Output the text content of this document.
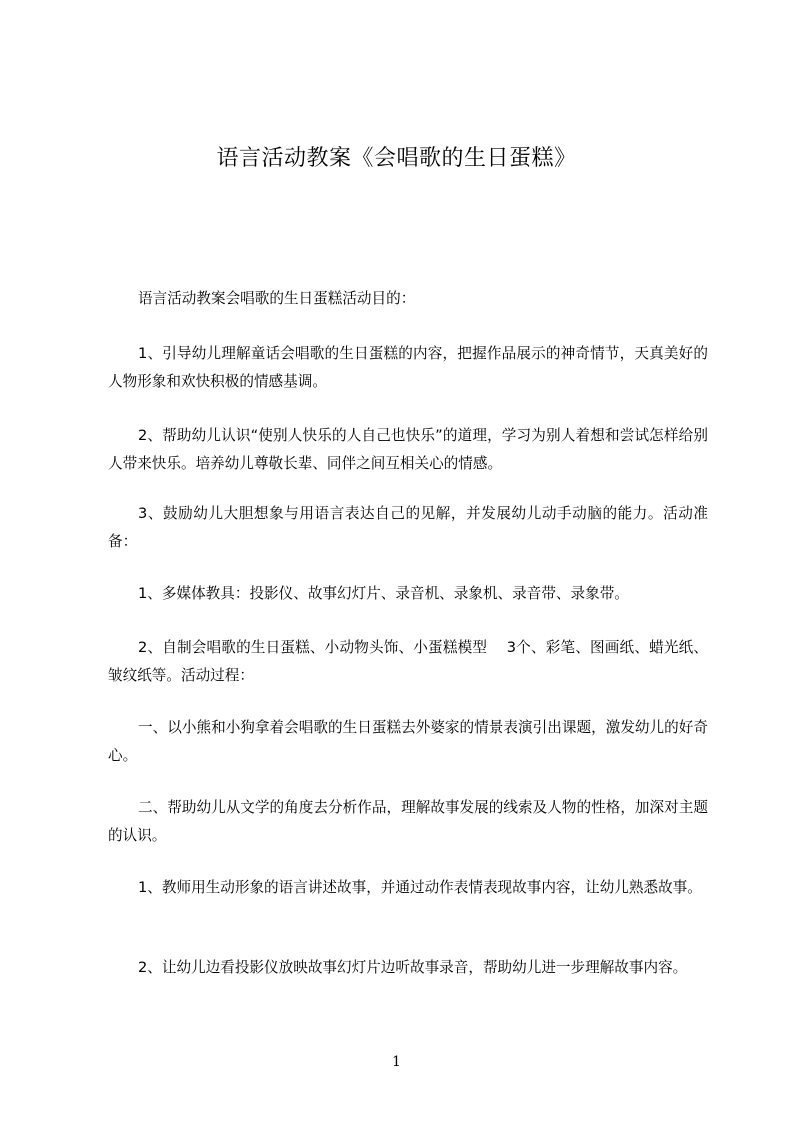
语言活动教案《会唱歌的生日蛋糕》

语言活动教案会唱歌的生日蛋糕活动目的：

1、引导幼儿理解童话会唱歌的生日蛋糕的内容，把握作品展示的神奇情节，天真美好的人物形象和欢快积极的情感基调。

2、帮助幼儿认识“使别人快乐的人自己也快乐”的道理，学习为别人着想和尝试怎样给别人带来快乐。培养幼儿尊敬长辈、同伴之间互相关心的情感。

3、鼓励幼儿大胆想象与用语言表达自己的见解，并发展幼儿动手动脑的能力。活动准备：

1、多媒体教具：投影仪、故事幻灯片、录音机、录象机、录音带、录象带。

2、自制会唱歌的生日蛋糕、小动物头饰、小蛋糕模型　 3个、彩笔、图画纸、蜡光纸、皱纹纸等。活动过程：

一、以小熊和小狗拿着会唱歌的生日蛋糕去外婆家的情景表演引出课题，激发幼儿的好奇心。

二、帮助幼儿从文学的角度去分析作品，理解故事发展的线索及人物的性格，加深对主题的认识。

1、教师用生动形象的语言讲述故事，并通过动作表情表现故事内容，让幼儿熟悉故事。

2、让幼儿边看投影仪放映故事幻灯片边听故事录音，帮助幼儿进一步理解故事内容。

1
